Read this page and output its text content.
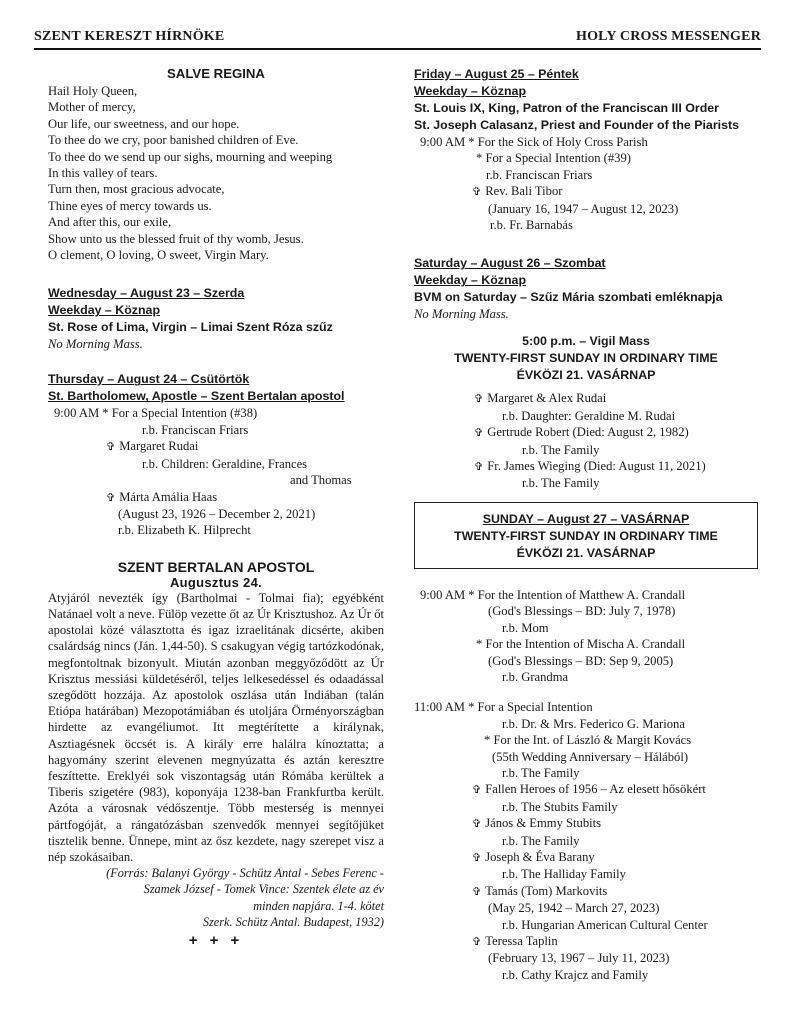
SZENT KERESZT HÍRNÖKE	HOLY CROSS MESSENGER
SALVE REGINA
Hail Holy Queen,
Mother of mercy,
Our life, our sweetness, and our hope.
To thee do we cry, poor banished children of Eve.
To thee do we send up our sighs, mourning and weeping
In this valley of tears.
Turn then, most gracious advocate,
Thine eyes of mercy towards us.
And after this, our exile,
Show unto us the blessed fruit of thy womb, Jesus.
O clement, O loving, O sweet, Virgin Mary.
Wednesday – August 23 – Szerda
Weekday – Köznap
St. Rose of Lima, Virgin – Limai Szent Róza szűz
No Morning Mass.
Thursday – August 24 – Csütörtök
St. Bartholomew, Apostle – Szent Bertalan apostol
9:00 AM * For a Special Intention (#38)
r.b. Franciscan Friars
✞ Margaret Rudai
r.b. Children: Geraldine, Frances
and Thomas
✞ Márta Amália Haas
(August 23, 1926 – December 2, 2021)
r.b. Elizabeth K. Hilprecht
SZENT BERTALAN APOSTOL
Augusztus 24.
Atyjáról nevezték így (Bartholmai - Tolmai fia); egyébként Natánael volt a neve. Fülöp vezette őt az Úr Krisztushoz. Az Úr őt apostolai közé választotta és igaz izraelitának dicsérte, akiben csalárdság nincs (Ján. 1,44-50). S csakugyan végig tartózkodónak, megfontoltnak bizonyult. Miután azonban meggyőződött az Úr Krisztus messiási küldetéséről, teljes lelkesedéssel és odaadással szegődött hozzája. Az apostolok oszlása után Indiában (talán Etiópa határában) Mezopotámiában és utoljára Örményországban hirdette az evangéliumot. Itt megtérítette a királynak, Asztiagésnek öccsét is. A király erre halálra kínoztatta; a hagyomány szerint elevenen megnyúzatta és aztán keresztre feszíttette. Ereklyéi sok viszontagság után Rómába kerültek a Tiberis szigetére (983), koponyája 1238-ban Frankfurtba került. Azóta a városnak védőszentje. Több mesterség is mennyei pártfogóját, a rángatózásban szenvedők mennyei segítőjüket tisztelik benne. Ünnepe, mint az ősz kezdete, nagy szerepet visz a nép szokásaiban.
(Forrás: Balanyi György - Schütz Antal - Sebes Ferenc -
Szamek József - Tomek Vince: Szentek élete az év
minden napjára. 1-4. kötet
Szerk. Schütz Antal. Budapest, 1932)
+ + +
Friday – August 25 – Péntek
Weekday – Köznap
St. Louis IX, King, Patron of the Franciscan III Order
St. Joseph Calasanz, Priest and Founder of the Piarists
9:00 AM * For the Sick of Holy Cross Parish
* For a Special Intention (#39)
r.b. Franciscan Friars
✞ Rev. Bali Tibor
(January 16, 1947 – August 12, 2023)
r.b. Fr. Barnabás
Saturday – August 26 – Szombat
Weekday – Köznap
BVM on Saturday – Szűz Mária szombati emléknapja
No Morning Mass.
5:00 p.m. – Vigil Mass
TWENTY-FIRST SUNDAY IN ORDINARY TIME
ÉVKÖZI 21. VASÁRNAP
✞ Margaret & Alex Rudai
r.b. Daughter: Geraldine M. Rudai
✞ Gertrude Robert (Died: August 2, 1982)
r.b. The Family
✞ Fr. James Wieging (Died: August 11, 2021)
r.b. The Family
SUNDAY – August 27 – VASÁRNAP
TWENTY-FIRST SUNDAY IN ORDINARY TIME
ÉVKÖZI 21. VASÁRNAP
9:00 AM * For the Intention of Matthew A. Crandall
(God's Blessings – BD: July 7, 1978)
r.b. Mom
* For the Intention of Mischa A. Crandall
(God's Blessings – BD: Sep 9, 2005)
r.b. Grandma
11:00 AM * For a Special Intention
r.b. Dr. & Mrs. Federico G. Mariona
* For the Int. of László & Margit Kovács
(55th Wedding Anniversary – Hálából)
r.b. The Family
✞ Fallen Heroes of 1956 – Az elesett hősökért
r.b. The Stubits Family
✞ János & Emmy Stubits
r.b. The Family
✞ Joseph & Éva Barany
r.b. The Halliday Family
✞ Tamás (Tom) Markovits
(May 25, 1942 – March 27, 2023)
r.b. Hungarian American Cultural Center
✞ Teressa Taplin
(February 13, 1967 – July 11, 2023)
r.b. Cathy Krajcz and Family
